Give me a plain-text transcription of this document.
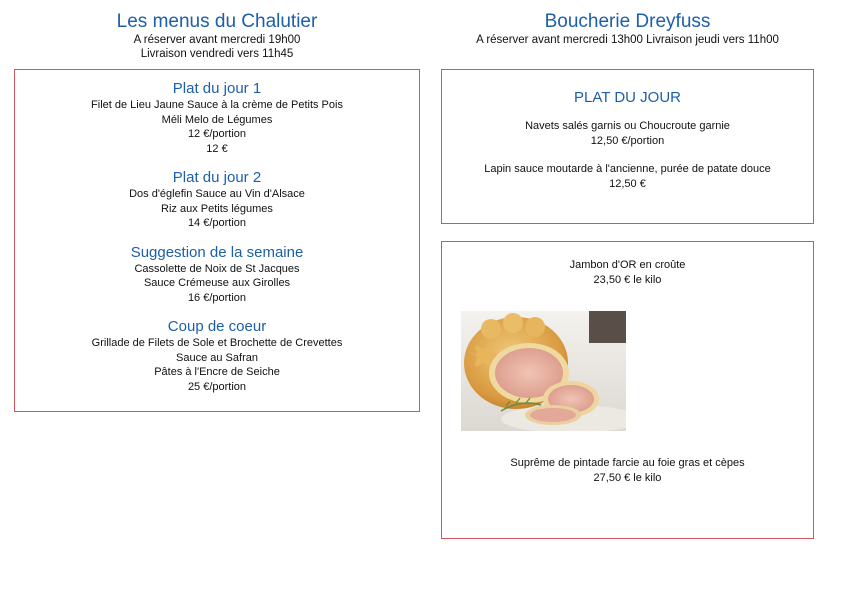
Les menus du Chalutier
A réserver avant mercredi 19h00
Livraison vendredi vers 11h45
Plat du jour 1
Filet de Lieu Jaune Sauce à la crème de Petits Pois
Méli Melo de Légumes
12 €/portion
12 €
Plat du jour 2
Dos d'églefin Sauce au Vin d'Alsace
Riz aux Petits légumes
14 €/portion
Suggestion de la semaine
Cassolette de Noix de St Jacques
Sauce Crémeuse aux Girolles
16 €/portion
Coup de coeur
Grillade de Filets de Sole et Brochette de Crevettes
Sauce au Safran
Pâtes à l'Encre de Seiche
25 €/portion
Boucherie Dreyfuss
A réserver avant mercredi 13h00 Livraison jeudi vers 11h00
PLAT DU JOUR
Navets salés garnis ou Choucroute garnie
12,50 €/portion
Lapin sauce moutarde à l'ancienne, purée de patate douce
12,50 €
Jambon d'OR en croûte
23,50 € le kilo
Suprême de pintade farcie au foie gras et cèpes
27,50 € le kilo
